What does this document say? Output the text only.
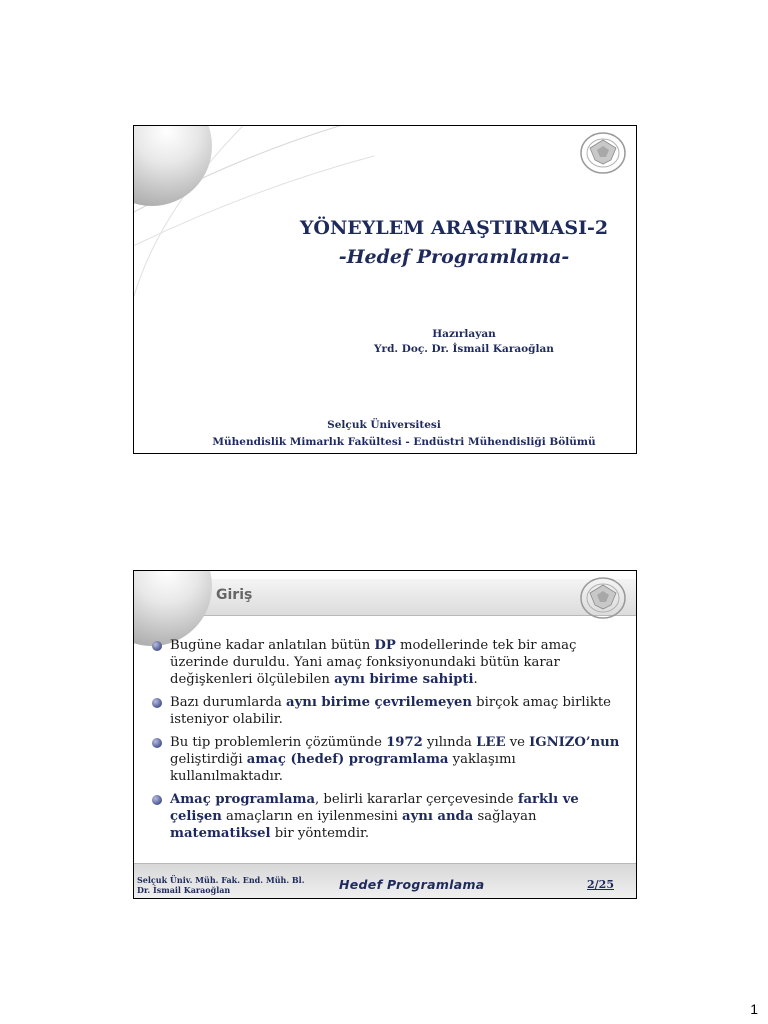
YÖNEYLEM ARAŞTIRMASI-2
-Hedef Programlama-
Hazırlayan
Yrd. Doç. Dr. İsmail Karaoğlan
Selçuk Üniversitesi
Mühendislik Mimarlık Fakültesi - Endüstri Mühendisliği Bölümü
Giriş
Bugüne kadar anlatılan bütün DP modellerinde tek bir amaç üzerinde duruldu. Yani amaç fonksiyonundaki bütün karar değişkenleri ölçülebilen aynı birime sahipti.
Bazı durumlarda aynı birime çevrilemeyen birçok amaç birlikte isteniyor olabilir.
Bu tip problemlerin çözümünde 1972 yılında LEE ve IGNIZO’nun geliştirdiği amaç (hedef) programlama yaklaşımı kullanılmaktadır.
Amaç programlama, belirli kararlar çerçevesinde farklı ve çelişen amaçların en iyilenmesini aynı anda sağlayan matematiksel bir yöntemdir.
Selçuk Üniv. Müh. Fak. End. Müh. Bl.
Dr. İsmail Karaoğlan	Hedef Programlama	2/25
1
